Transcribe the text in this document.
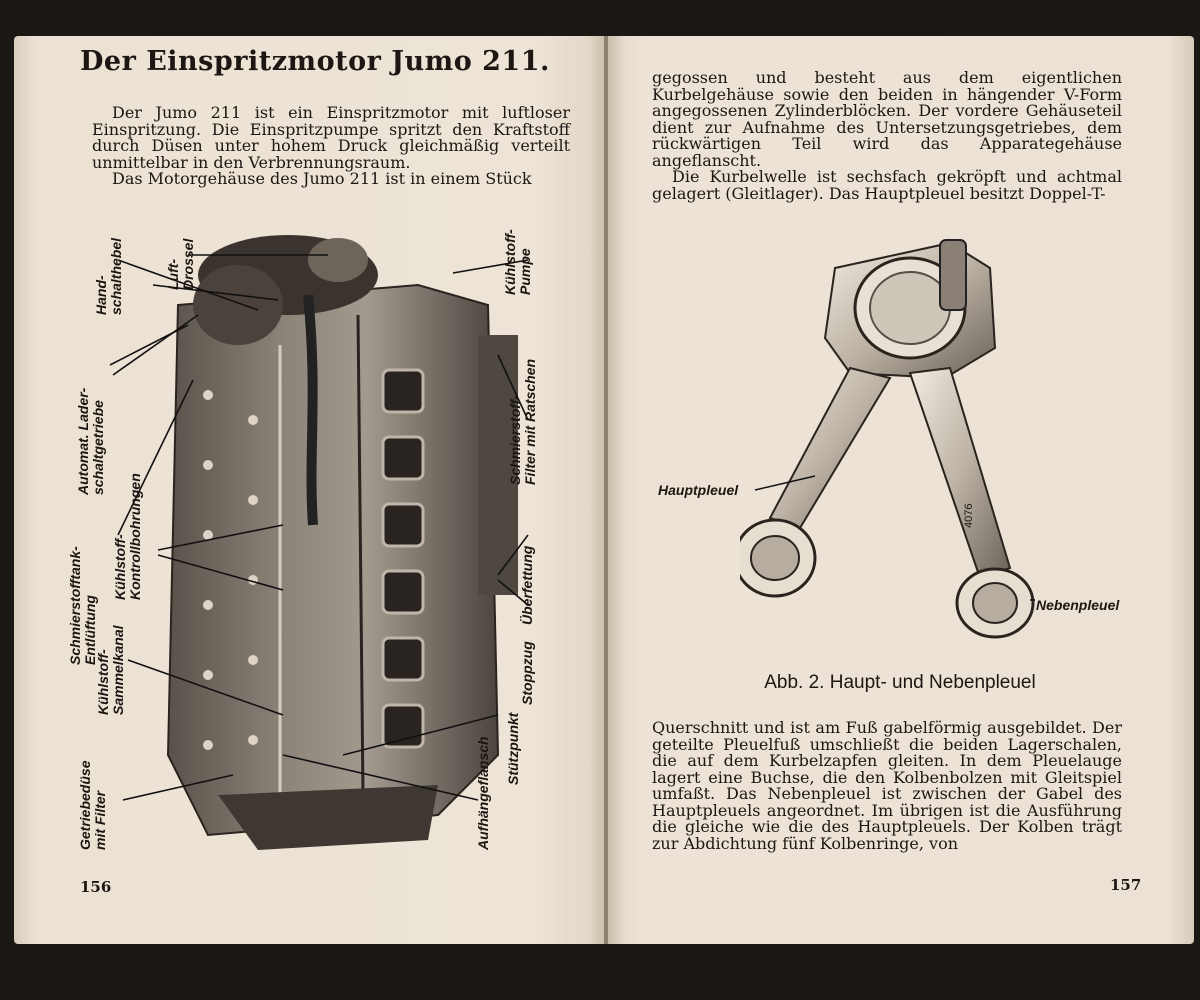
Der Einspritzmotor Jumo 211.

Der Jumo 211 ist ein Einspritzmotor mit luftloser Einspritzung. Die Einspritzpumpe spritzt den Kraftstoff durch Düsen unter hohem Druck gleichmäßig verteilt unmittelbar in den Verbrennungsraum.

Das Motorgehäuse des Jumo 211 ist in einem Stück

Hand-
schalthebel	Luft-
Drossel	Kühlstoff-
Pumpe
Automat. Lader-
schaltgetriebe	Schmierstoff-
Filter mit Ratschen
Schmierstofftank-
Entlüftung
Kühlstoff-
Kontrollbohrungen	Überfettung
Kühlstoff-
Sammelkanal	Stoppzug
Stützpunkt
Getriebedüse
mit Filter	Aufhängeflansch
156

gegossen und besteht aus dem eigentlichen Kurbelgehäuse sowie den beiden in hängender V-Form angegossenen Zylinderblöcken. Der vordere Gehäuseteil dient zur Aufnahme des Untersetzungsgetriebes, dem rückwärtigen Teil wird das Apparategehäuse angeflanscht.

Die Kurbelwelle ist sechsfach gekröpft und achtmal gelagert (Gleitlager). Das Hauptpleuel besitzt Doppel-T-

4076
Hauptpleuel
Nebenpleuel
Abb. 2. Haupt- und Nebenpleuel

Querschnitt und ist am Fuß gabelförmig ausgebildet. Der geteilte Pleuelfuß umschließt die beiden Lagerschalen, die auf dem Kurbelzapfen gleiten. In dem Pleuelauge lagert eine Buchse, die den Kolbenbolzen mit Gleitspiel umfaßt. Das Nebenpleuel ist zwischen der Gabel des Hauptpleuels angeordnet. Im übrigen ist die Ausführung die gleiche wie die des Hauptpleuels. Der Kolben trägt zur Abdichtung fünf Kolbenringe, von

157
